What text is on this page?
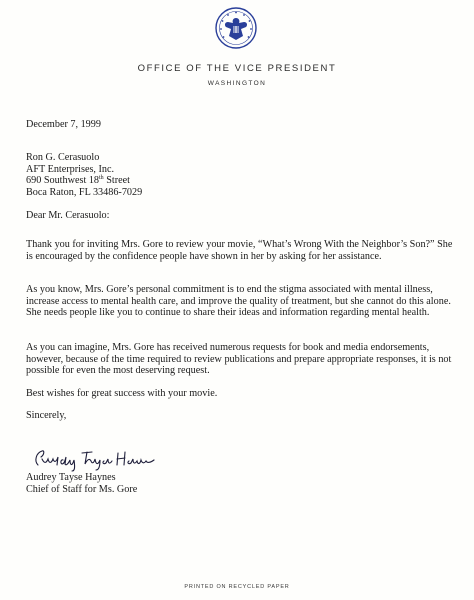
OFFICE OF THE VICE PRESIDENT
WASHINGTON

December 7, 1999

Ron G. Cerasuolo
AFT Enterprises, Inc.
690 Southwest 18th Street
Boca Raton, FL 33486-7029

Dear Mr. Cerasuolo:

Thank you for inviting Mrs. Gore to review your movie, “What’s Wrong With the Neighbor’s Son?” She is encouraged by the confidence people have shown in her by asking for her assistance.

As you know, Mrs. Gore’s personal commitment is to end the stigma associated with mental illness, increase access to mental health care, and improve the quality of treatment, but she cannot do this alone. She needs people like you to continue to share their ideas and information regarding mental health.

As you can imagine, Mrs. Gore has received numerous requests for book and media endorsements, however, because of the time required to review publications and prepare appropriate responses, it is not possible for even the most deserving request.

Best wishes for great success with your movie.

Sincerely,

Audrey Tayse Haynes

Chief of Staff for Ms. Gore

PRINTED ON RECYCLED PAPER
